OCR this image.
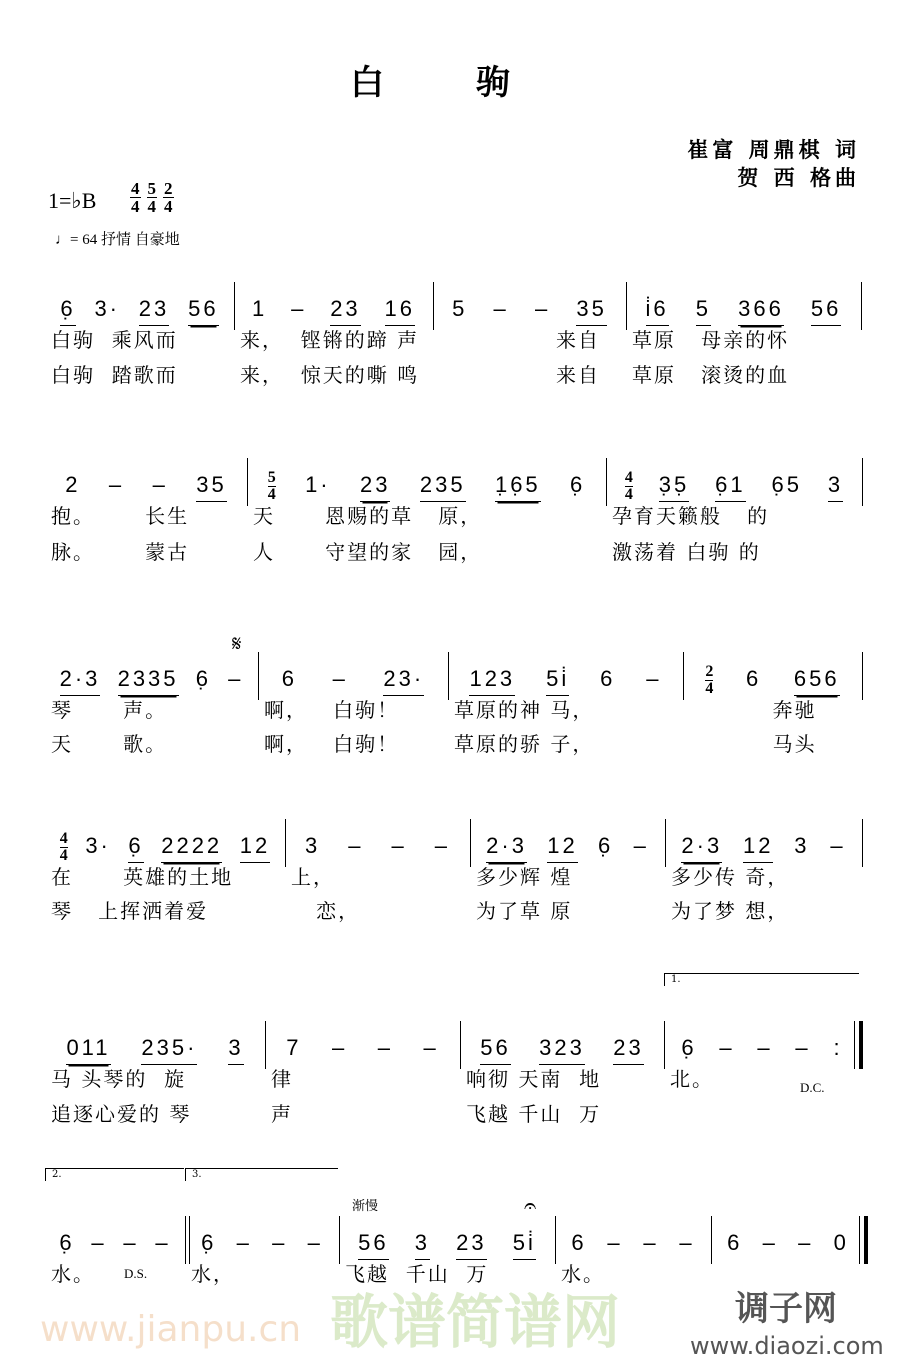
白 驹
崔富 周鼎棋 词
贺 西 格曲
1=♭B $\frac{4}{4} \frac{5}{4} \frac{2}{4}$
♩= 64 抒情 自豪地
6̣ 3· 23 56
白驹  乘风而
白驹  踏歌而
1 – 23 16
来，  铿锵的蹄 声
来，  惊天的嘶 鸣
5 – – 35
来自
来自
i̇6 5 366 56
草原   母亲的怀
草原   滚烫的血
2 – – 35
抱。      长生
脉。      蒙古
5
4 1· 23 235 1̣6̣5 6̣
天      恩赐的草   原，
人      守望的家   园，
4
4 3̣5̣ 6̣1 6̣5 3
孕育天籁般   的
激荡着 白驹 的
2·3 2335 6̣ –
琴      声。
天      歌。
6 – 23·
啊，   白驹！
啊，   白驹！
123 5i̇ 6 –
草原的神 马，
草原的骄 子，
2
4 6 656
奔驰
马头
4
4 3· 6̣ 2222 12
在      英雄的土地
琴   上挥洒着爱
3 – – –
上，
恋，
2·3 12 6̣ –
多少辉 煌
为了草 原
2·3 12 3 –
多少传 奇，
为了梦 想，
011 235· 3
马 头琴的  旋
追逐心爱的 琴
7 – – –
律
声
56 323 23
响彻 天南  地
飞越 千山  万
6̣ – – – :
1.
北。
6̣ – – –
2.
水。
6̣ – – –
3.
水，
56 3 23 5i̇
飞越  千山  万
6 – – –
水。
6 – – 0
𝄋
D.C.
D.S.
渐慢	𝄐
歌谱简谱网
www.jianpu.cn	调子网
www.diaozi.com
